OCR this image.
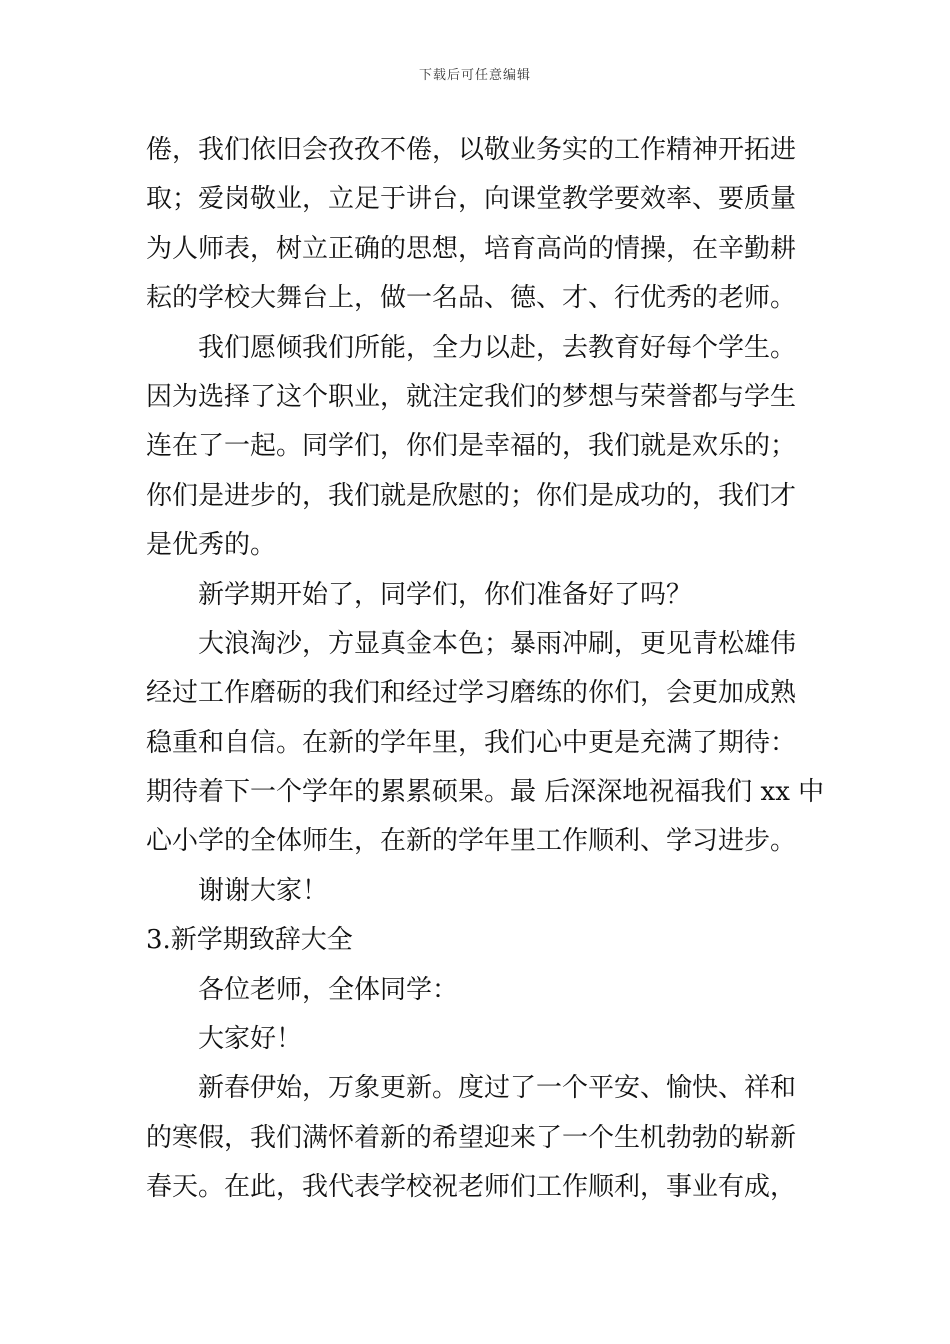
下载后可任意编辑
倦，我们依旧会孜孜不倦，以敬业务实的工作精神开拓进
取；爱岗敬业，立足于讲台，向课堂教学要效率、要质量
为人师表，树立正确的思想，培育高尚的情操，在辛勤耕
耘的学校大舞台上，做一名品、德、才、行优秀的老师。
我们愿倾我们所能，全力以赴，去教育好每个学生。
因为选择了这个职业，就注定我们的梦想与荣誉都与学生
连在了一起。同学们，你们是幸福的，我们就是欢乐的；
你们是进步的，我们就是欣慰的；你们是成功的，我们才
是优秀的。
新学期开始了，同学们，你们准备好了吗？
大浪淘沙，方显真金本色；暴雨冲刷，更见青松雄伟
经过工作磨砺的我们和经过学习磨练的你们，会更加成熟
稳重和自信。在新的学年里，我们心中更是充满了期待：
期待着下一个学年的累累硕果。最 后深深地祝福我们 xx 中
心小学的全体师生，在新的学年里工作顺利、学习进步。
谢谢大家！
3.新学期致辞大全
各位老师，全体同学：
大家好！
新春伊始，万象更新。度过了一个平安、愉快、祥和
的寒假，我们满怀着新的希望迎来了一个生机勃勃的崭新
春天。在此，我代表学校祝老师们工作顺利，事业有成，
